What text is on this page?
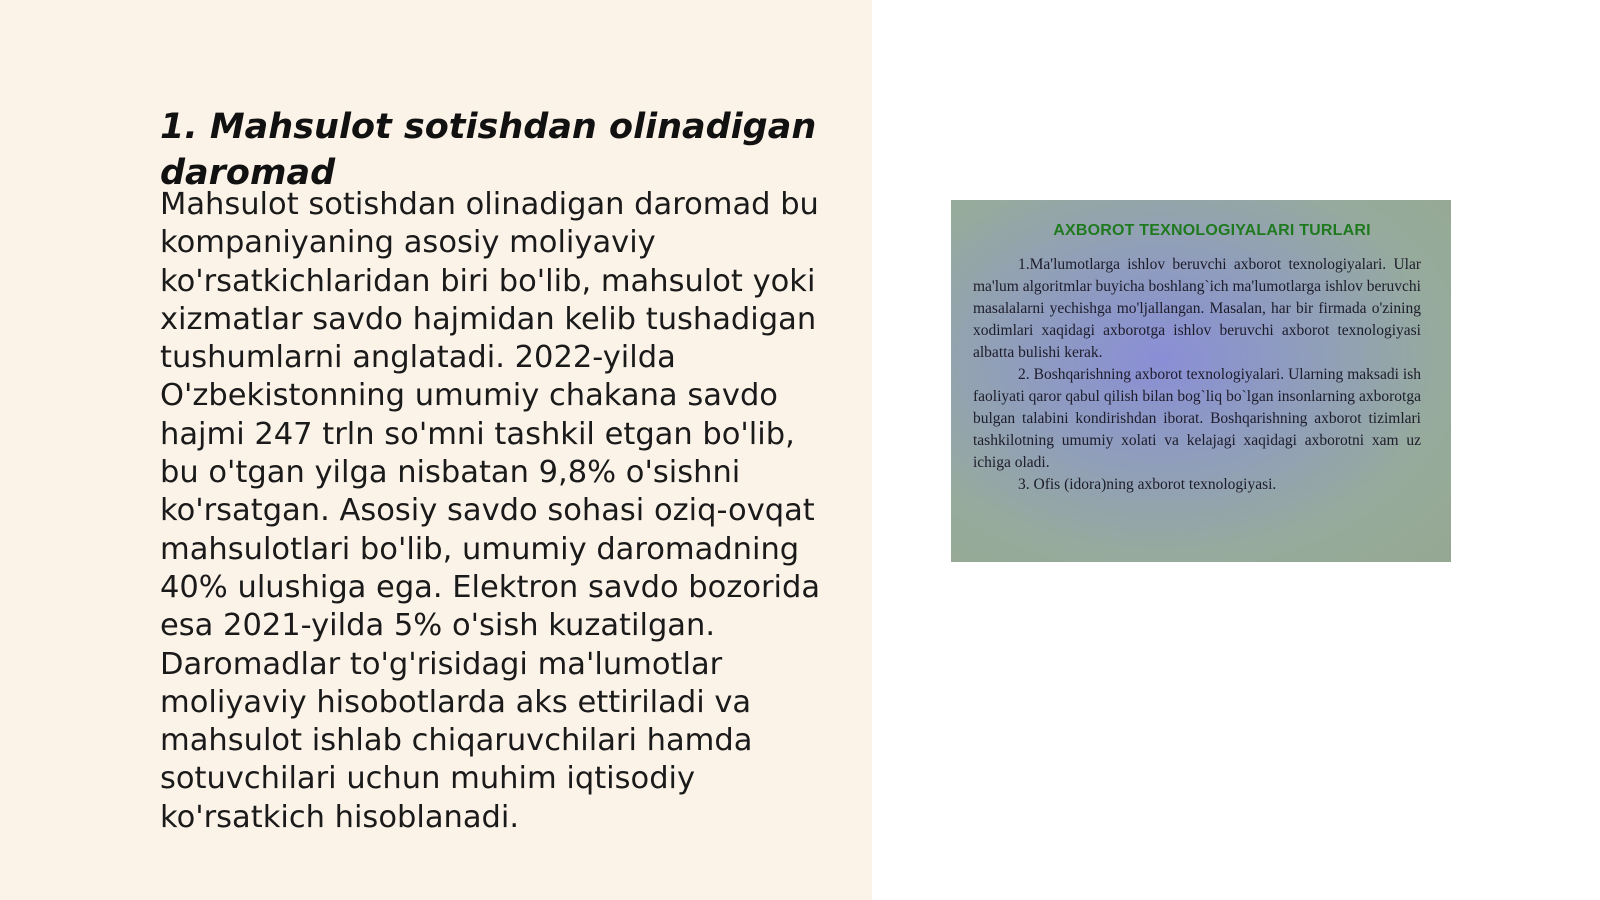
1. Mahsulot sotishdan olinadigan daromad

Mahsulot sotishdan olinadigan daromad bu kompaniyaning asosiy moliyaviy ko'rsatkichlaridan biri bo'lib, mahsulot yoki xizmatlar savdo hajmidan kelib tushadigan tushumlarni anglatadi. 2022-yilda O'zbekistonning umumiy chakana savdo hajmi 247 trln so'mni tashkil etgan bo'lib, bu o'tgan yilga nisbatan 9,8% o'sishni ko'rsatgan. Asosiy savdo sohasi oziq-ovqat mahsulotlari bo'lib, umumiy daromadning 40% ulushiga ega. Elektron savdo bozorida esa 2021-yilda 5% o'sish kuzatilgan. Daromadlar to'g'risidagi ma'lumotlar moliyaviy hisobotlarda aks ettiriladi va mahsulot ishlab chiqaruvchilari hamda sotuvchilari uchun muhim iqtisodiy ko'rsatkich hisoblanadi.

AXBOROT TEXNOLOGIYALARI TURLARI

1.Ma'lumotlarga ishlov beruvchi axborot texnologiyalari. Ular ma'lum algoritmlar buyicha boshlang`ich ma'lumotlarga ishlov beruvchi masalalarni yechishga mo'ljallangan. Masalan, har bir firmada o'zining xodimlari xaqidagi axborotga ishlov beruvchi axborot texnologiyasi albatta bulishi kerak.

2. Boshqarishning axborot texnologiyalari. Ularning maksadi ish faoliyati qaror qabul qilish bilan bog`liq bo`lgan insonlarning axborotga bulgan talabini kondirishdan iborat. Boshqarishning axborot tizimlari tashkilotning umumiy xolati va kelajagi xaqidagi axborotni xam uz ichiga oladi.

3. Ofis (idora)ning axborot texnologiyasi.
